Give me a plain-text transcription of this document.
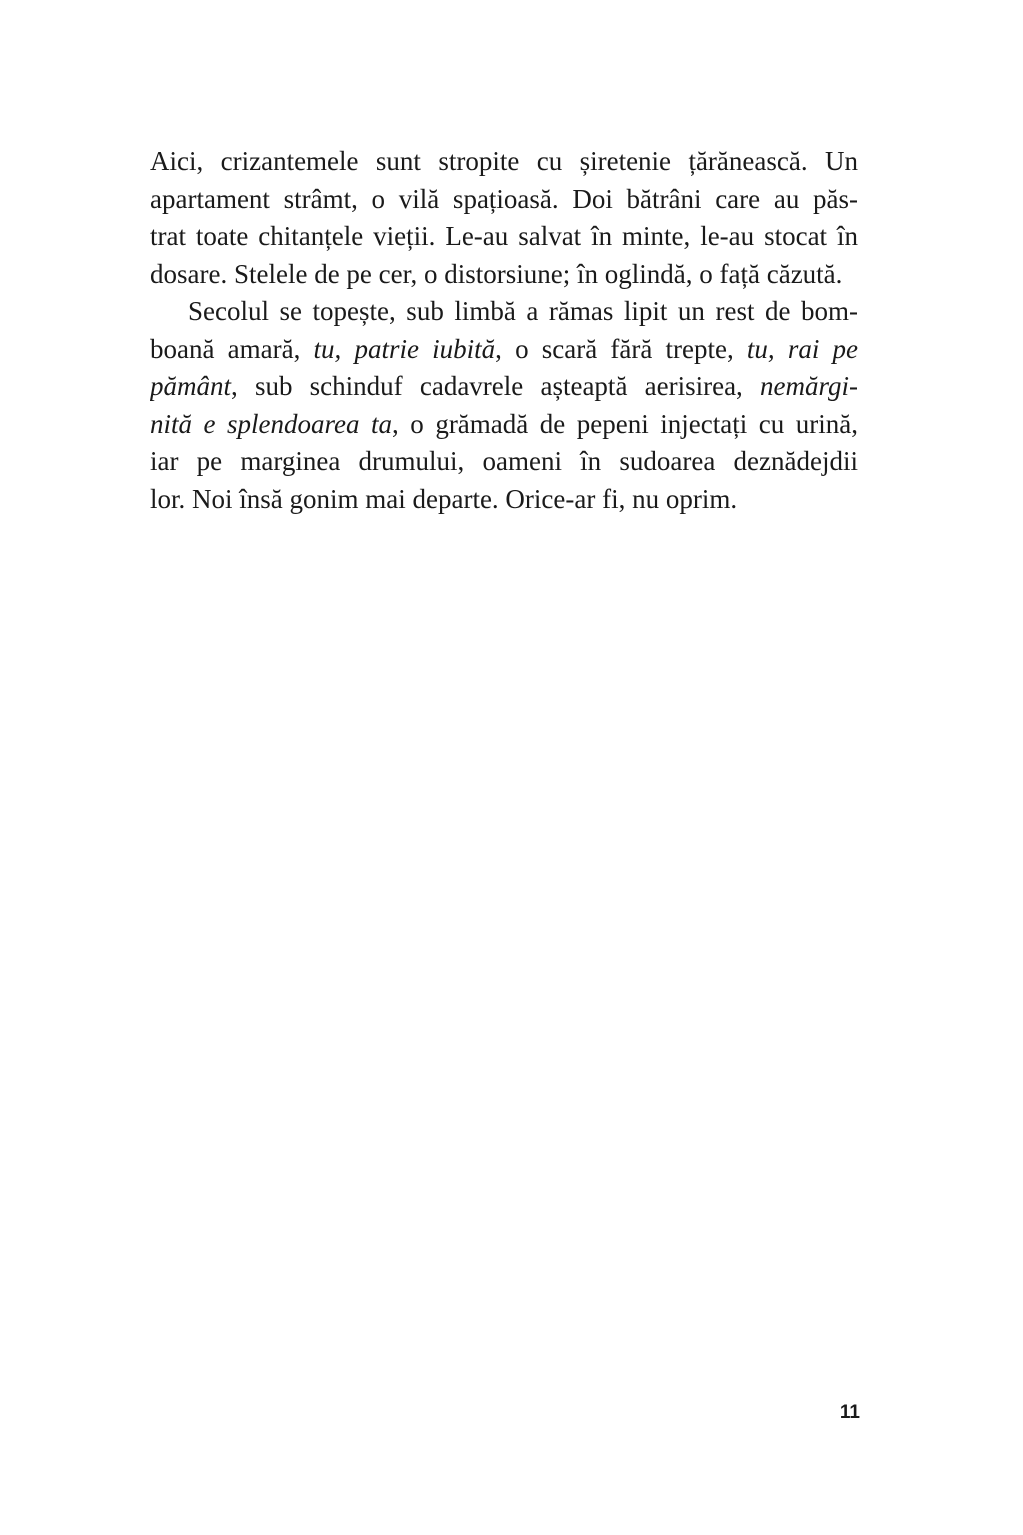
Aici, crizantemele sunt stropite cu șiretenie țărănească. Un
apartament strâmt, o vilă spațioasă. Doi bătrâni care au păs-
trat toate chitanțele vieții. Le-au salvat în minte, le-au stocat în
dosare. Stelele de pe cer, o distorsiune; în oglindă, o față căzută.
Secolul se topește, sub limbă a rămas lipit un rest de bom-
boană amară, tu, patrie iubită, o scară fără trepte, tu, rai pe
pământ, sub schinduf cadavrele așteaptă aerisirea, nemărgi-
nită e splendoarea ta, o grămadă de pepeni injectați cu urină,
iar pe marginea drumului, oameni în sudoarea deznădejdii
lor. Noi însă gonim mai departe. Orice-ar fi, nu oprim.
11
